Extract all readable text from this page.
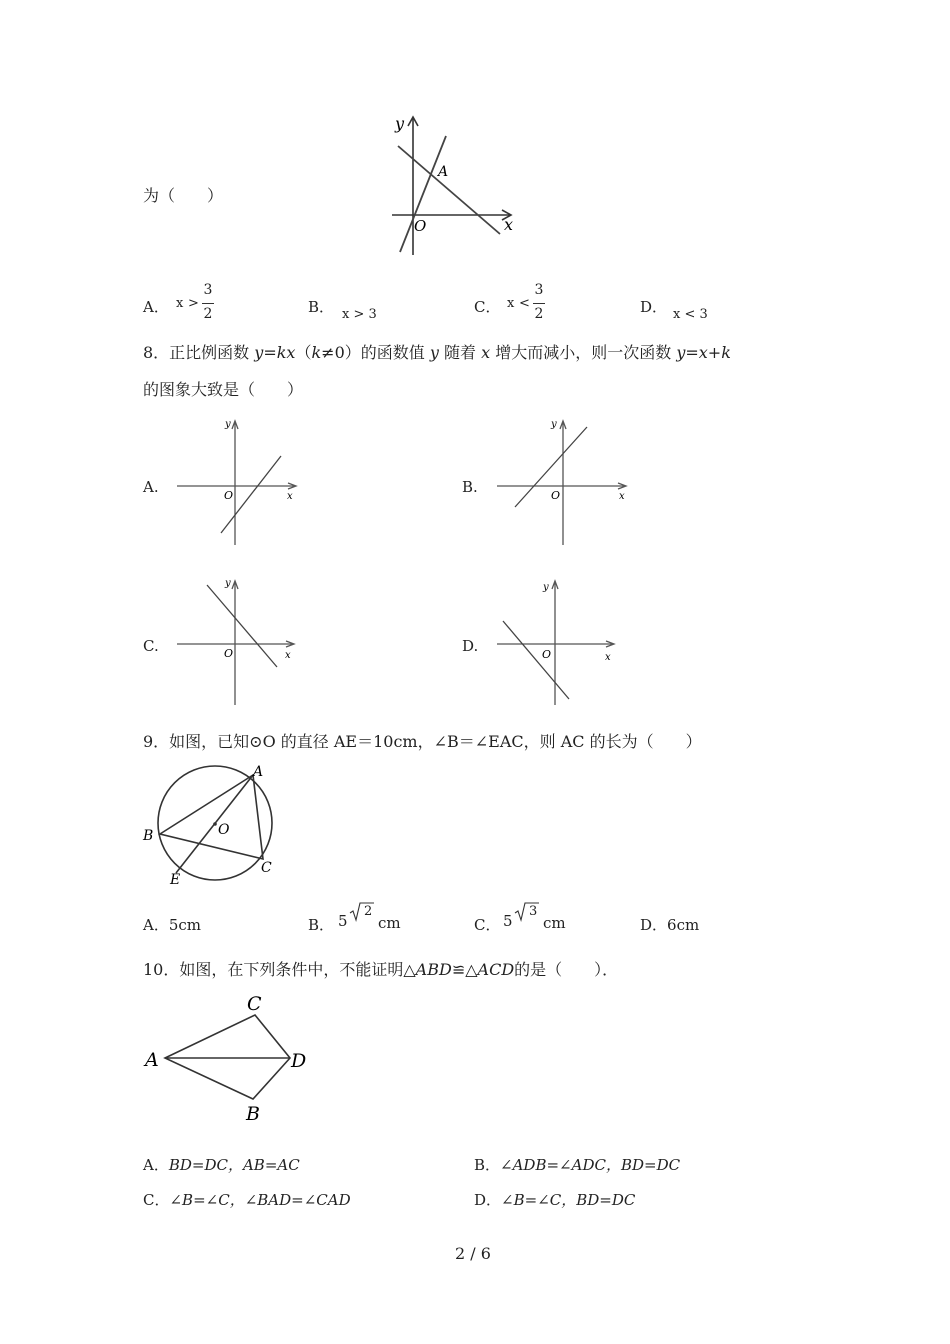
为（　　）
y
x
O
A
A． x >
3
2	B． x > 3	C． x <
3
2	D． x < 3
8．正比例函数 y=kx（k≠0）的函数值 y 随着 x 增大而减小，则一次函数 y=x+k
的图象大致是（　　）
A.
y
x
O	B.
y
x
O
C.
y
x
O	D.
y
x
O
9．如图，已知⊙O 的直径 AE＝10cm，∠B＝∠EAC，则 AC 的长为（　　）
A
B
C
O
E
A．5cm	B． 5
2
cm	C． 5
3
cm	D．6cm
10．如图，在下列条件中，不能证明△ABD≌△ACD的是（　　）．
C
A	D
B
A．BD=DC，AB=AC	B．∠ADB=∠ADC，BD=DC
C．∠B=∠C，∠BAD=∠CAD	D．∠B=∠C，BD=DC
2 / 6
